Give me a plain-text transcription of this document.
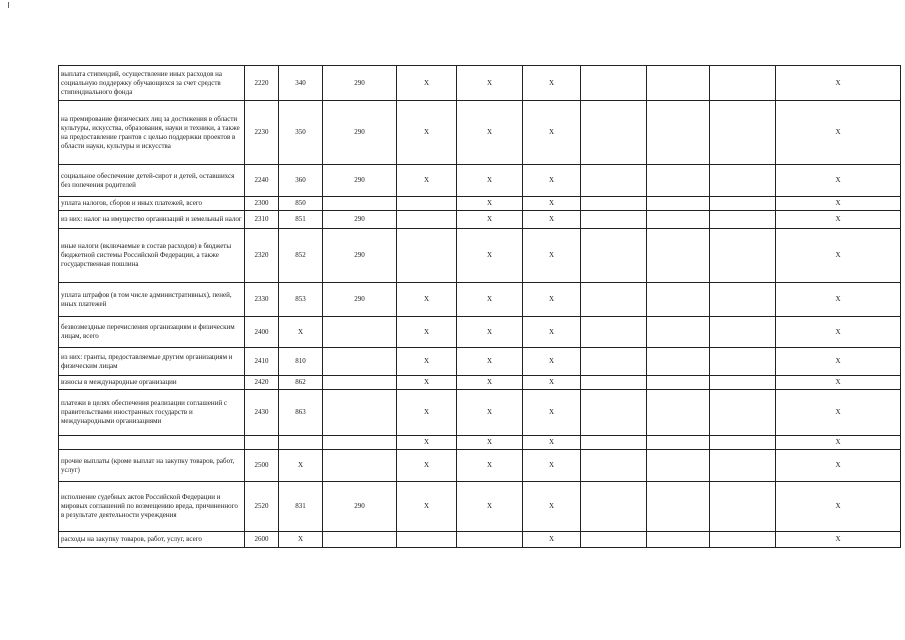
выплата стипендий, осуществление иных расходов на социальную поддержку обучающихся за счет средств стипендиального фонда	2220	340	290	X	X	X				X
на премирование физических лиц за достижения в области культуры, искусства, образования, науки и техники, а также на предоставление грантов с целью поддержки проектов в области науки, культуры и искусства	2230	350	290	X	X	X				X
социальное обеспечение детей-сирот и детей, оставшихся без попечения родителей	2240	360	290	X	X	X				X
уплата налогов, сборов и иных платежей, всего	2300	850			X	X				X
из них: налог на имущество организаций и земельный налог	2310	851	290		X	X				X
иные налоги (включаемые в состав расходов) в бюджеты бюджетной системы Российской Федерации, а также государственная пошлина	2320	852	290		X	X				X
уплата штрафов (в том числе административных), пеней, иных платежей	2330	853	290	X	X	X				X
безвозмездные перечисления организациям и физическим лицам, всего	2400	X		X	X	X				X
из них: гранты, предоставляемые другим организациям и физическим лицам	2410	810		X	X	X				X
взносы в международные организации	2420	862		X	X	X				X
платежи в целях обеспечения реализации соглашений с правительствами иностранных государств и международными организациями	2430	863		X	X	X				X
				X	X	X				X
прочие выплаты (кроме выплат на закупку товаров, работ, услуг)	2500	X		X	X	X				X
исполнение судебных актов Российской Федерации и мировых соглашений по возмещению вреда, причиненного в результате деятельности учреждения	2520	831	290	X	X	X				X
расходы на закупку товаров, работ, услуг, всего	2600	X				X				X
